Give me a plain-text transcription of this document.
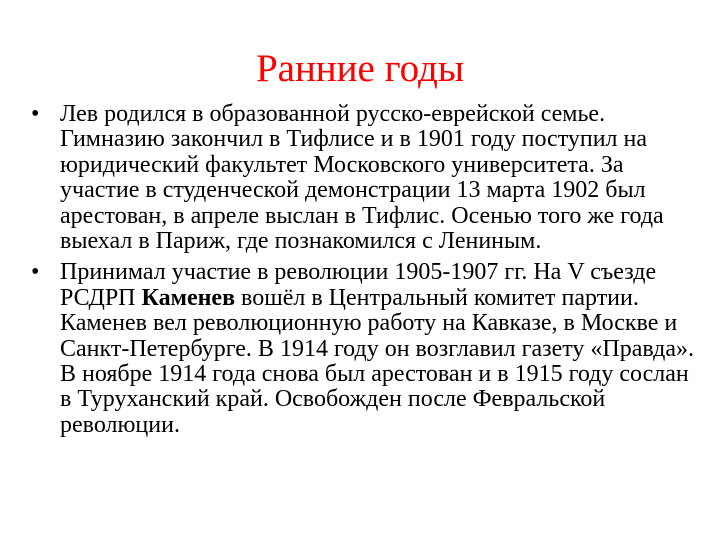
Ранние годы

• Лев родился в образованной русско-еврейской семье. Гимназию закончил в Тифлисе и в 1901 году поступил на юридический факультет Московского университета. За участие в студенческой демонстрации 13 марта 1902 был арестован, в апреле выслан в Тифлис. Осенью того же года выехал в Париж, где познакомился с Лениным.

• Принимал участие в революции 1905-1907 гг. На V съезде РСДРП Каменев вошёл в Центральный комитет партии. Каменев вел революционную работу на Кавказе, в Москве и Санкт-Петербурге. В 1914 году он возглавил газету «Правда». В ноябре 1914 года снова был арестован и в 1915 году сослан в Туруханский край. Освобожден после Февральской революции.
